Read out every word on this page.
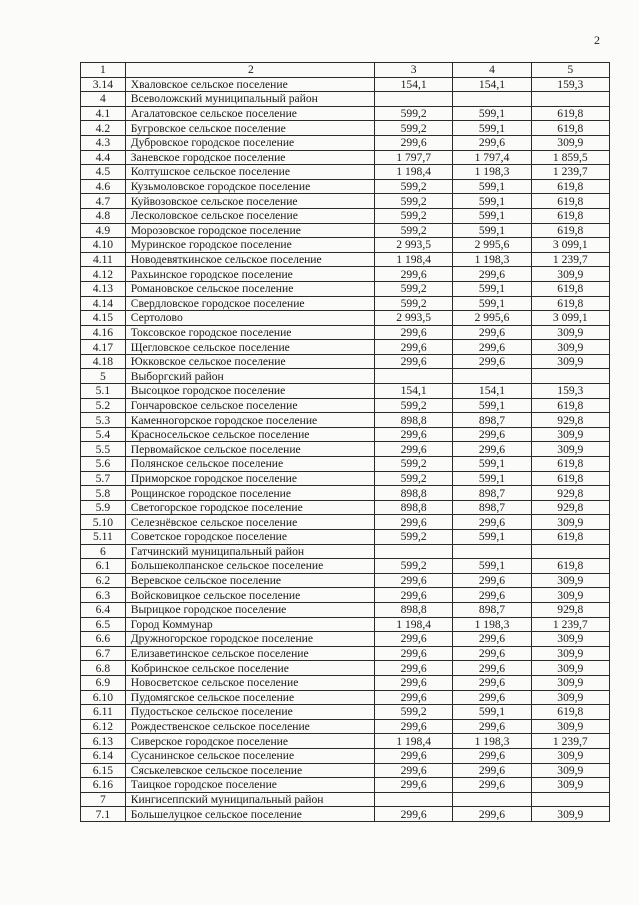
2
1	2	3	4	5
3.14	Хваловское сельское поселение	154,1	154,1	159,3
4	Всеволожский муниципальный район			
4.1	Агалатовское сельское поселение	599,2	599,1	619,8
4.2	Бугровское сельское поселение	599,2	599,1	619,8
4.3	Дубровское городское поселение	299,6	299,6	309,9
4.4	Заневское городское поселение	1 797,7	1 797,4	1 859,5
4.5	Колтушское сельское поселение	1 198,4	1 198,3	1 239,7
4.6	Кузьмоловское городское поселение	599,2	599,1	619,8
4.7	Куйвозовское сельское поселение	599,2	599,1	619,8
4.8	Лесколовское сельское поселение	599,2	599,1	619,8
4.9	Морозовское городское поселение	599,2	599,1	619,8
4.10	Муринское городское поселение	2 993,5	2 995,6	3 099,1
4.11	Новодевяткинское сельское поселение	1 198,4	1 198,3	1 239,7
4.12	Рахьинское городское поселение	299,6	299,6	309,9
4.13	Романовское сельское поселение	599,2	599,1	619,8
4.14	Свердловское городское поселение	599,2	599,1	619,8
4.15	Сертолово	2 993,5	2 995,6	3 099,1
4.16	Токсовское городское поселение	299,6	299,6	309,9
4.17	Щегловское сельское поселение	299,6	299,6	309,9
4.18	Юкковское сельское поселение	299,6	299,6	309,9
5	Выборгский район			
5.1	Высоцкое городское поселение	154,1	154,1	159,3
5.2	Гончаровское сельское поселение	599,2	599,1	619,8
5.3	Каменногорское городское поселение	898,8	898,7	929,8
5.4	Красносельское сельское поселение	299,6	299,6	309,9
5.5	Первомайское сельское поселение	299,6	299,6	309,9
5.6	Полянское сельское поселение	599,2	599,1	619,8
5.7	Приморское городское поселение	599,2	599,1	619,8
5.8	Рощинское городское поселение	898,8	898,7	929,8
5.9	Светогорское городское поселение	898,8	898,7	929,8
5.10	Селезнёвское сельское поселение	299,6	299,6	309,9
5.11	Советское городское поселение	599,2	599,1	619,8
6	Гатчинский муниципальный район			
6.1	Большеколпанское сельское поселение	599,2	599,1	619,8
6.2	Веревское сельское поселение	299,6	299,6	309,9
6.3	Войсковицкое сельское поселение	299,6	299,6	309,9
6.4	Вырицкое городское поселение	898,8	898,7	929,8
6.5	Город Коммунар	1 198,4	1 198,3	1 239,7
6.6	Дружногорское городское поселение	299,6	299,6	309,9
6.7	Елизаветинское сельское поселение	299,6	299,6	309,9
6.8	Кобринское сельское поселение	299,6	299,6	309,9
6.9	Новосветское сельское поселение	299,6	299,6	309,9
6.10	Пудомягское сельское поселение	299,6	299,6	309,9
6.11	Пудостьское сельское поселение	599,2	599,1	619,8
6.12	Рождественское сельское поселение	299,6	299,6	309,9
6.13	Сиверское городское поселение	1 198,4	1 198,3	1 239,7
6.14	Сусанинское сельское поселение	299,6	299,6	309,9
6.15	Сяськелевское сельское поселение	299,6	299,6	309,9
6.16	Таицкое городское поселение	299,6	299,6	309,9
7	Кингисеппский муниципальный район			
7.1	Большелуцкое сельское поселение	299,6	299,6	309,9
